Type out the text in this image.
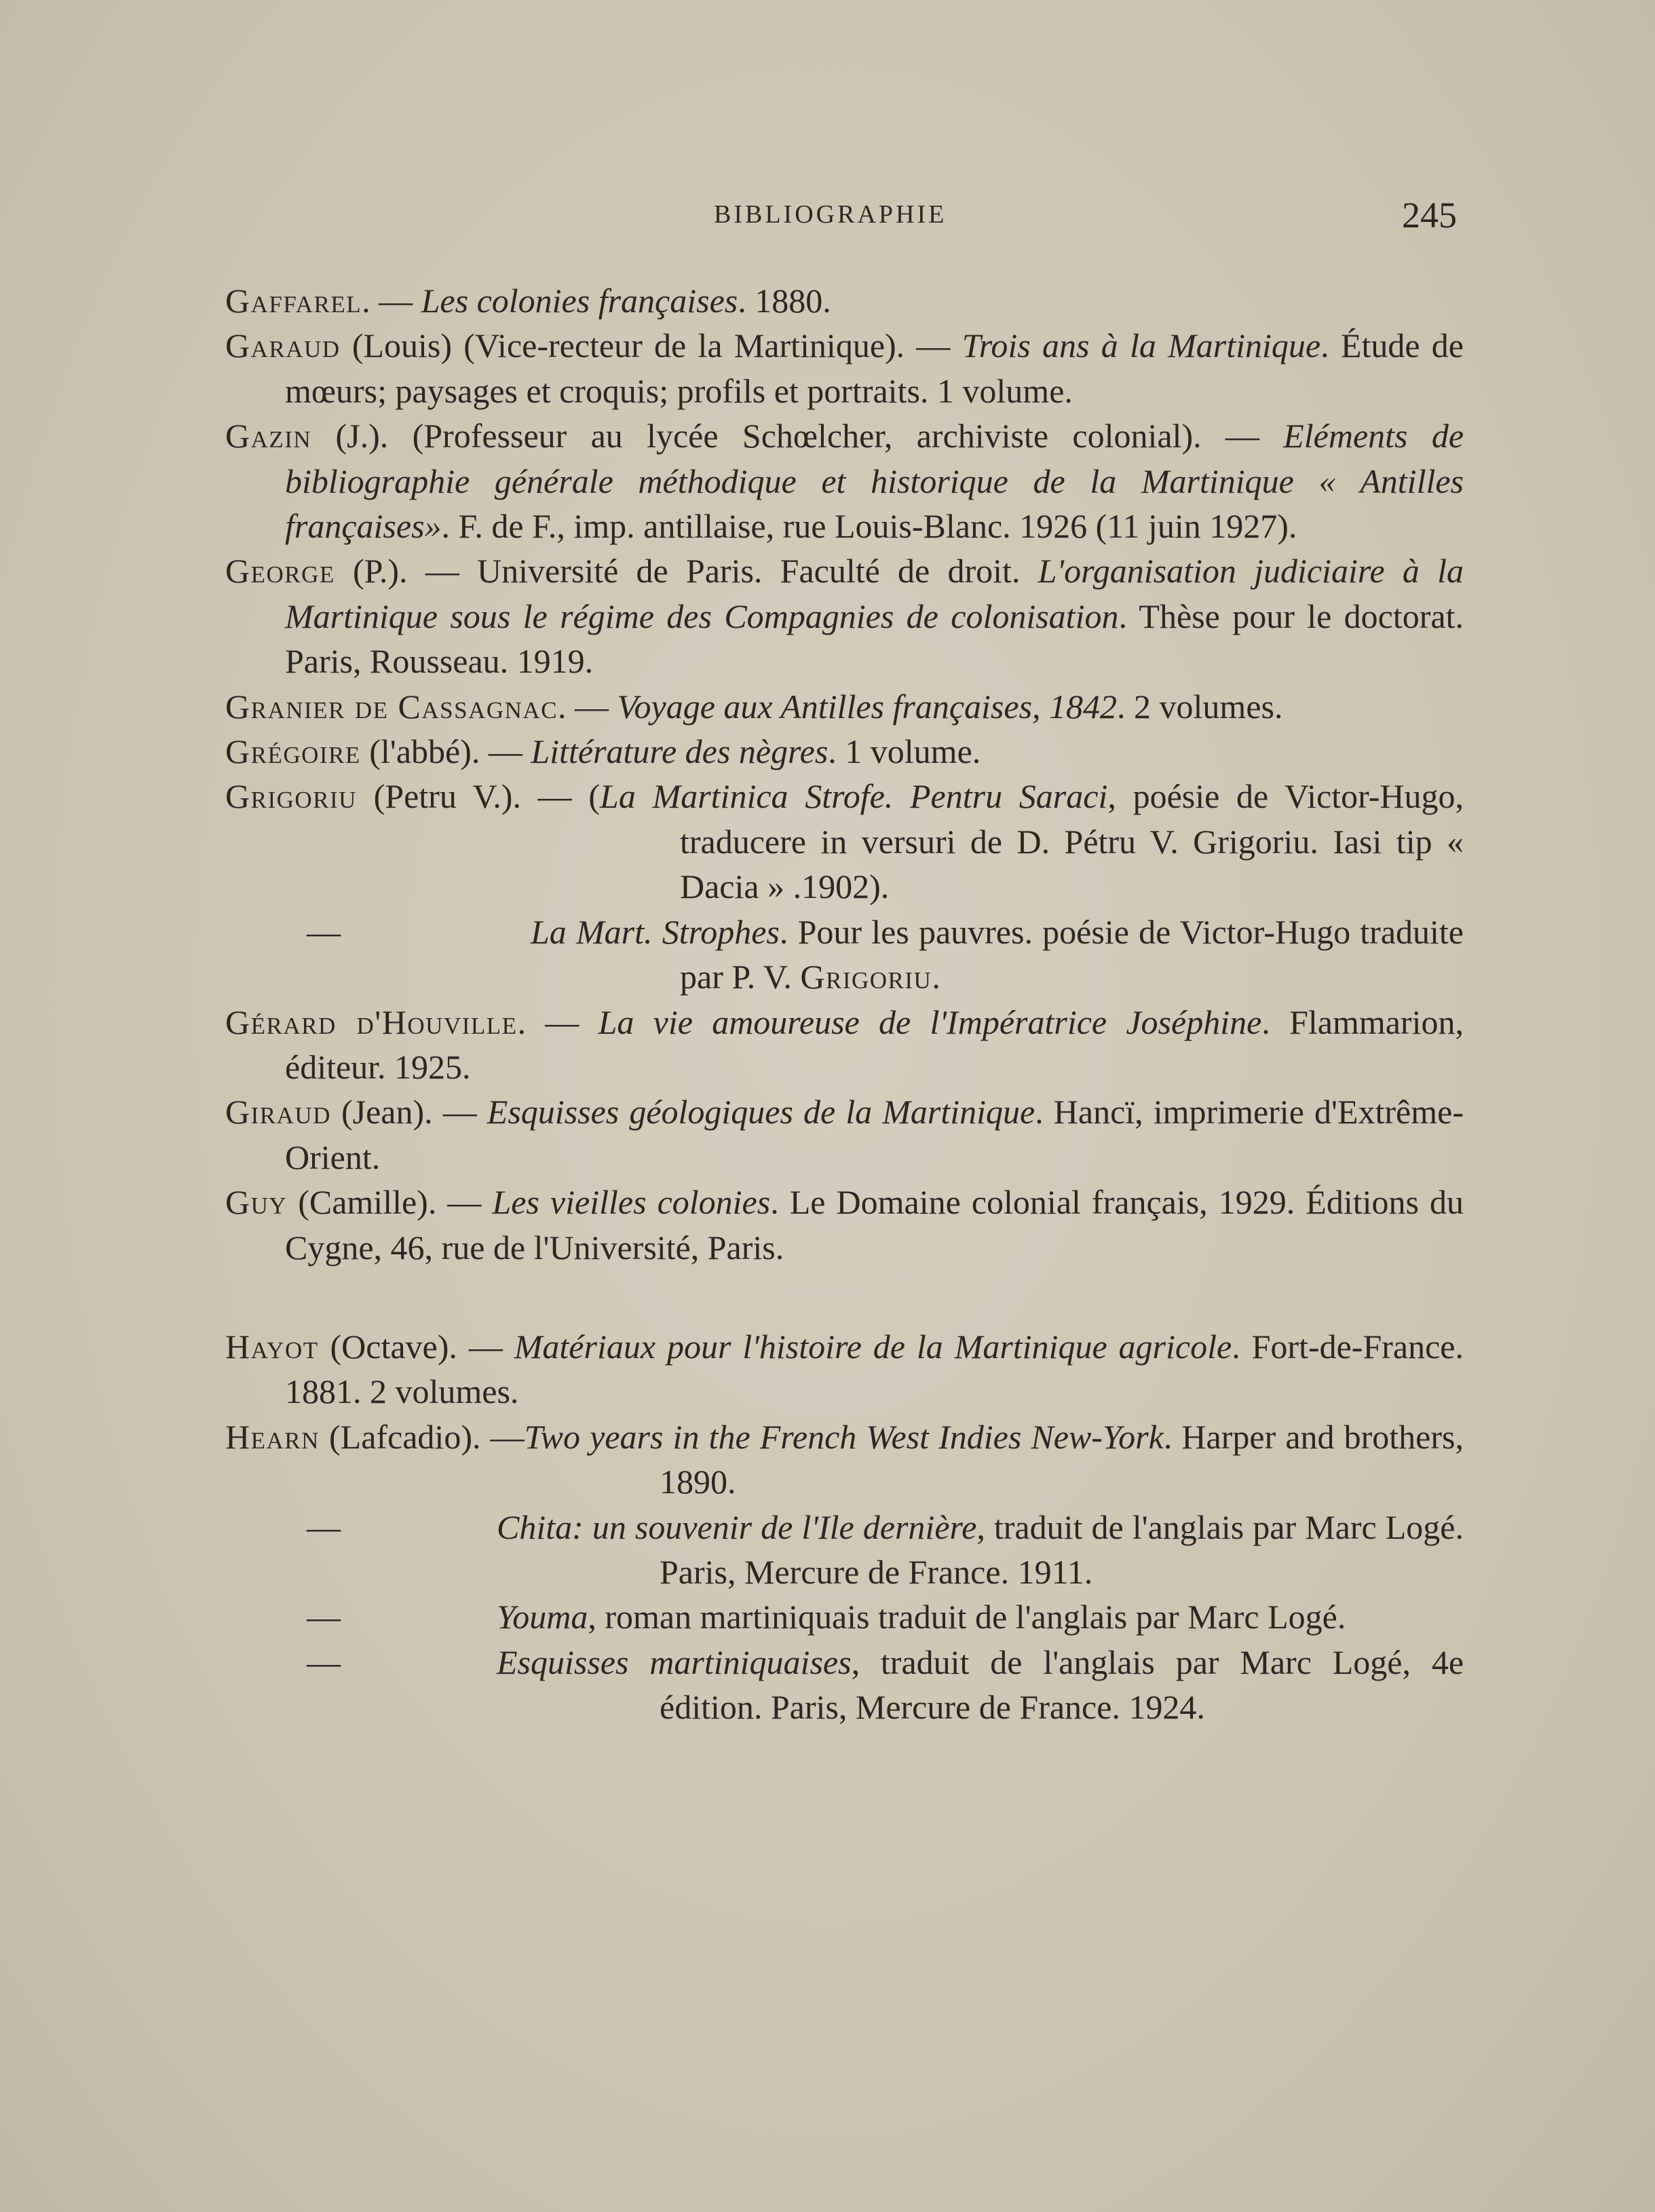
BIBLIOGRAPHIE	245
Gaffarel. — Les colonies françaises. 1880.
Garaud (Louis) (Vice-recteur de la Martinique). — Trois ans à la Martinique. Étude de mœurs; paysages et croquis; profils et portraits. 1 volume.
Gazin (J.). (Professeur au lycée Schœlcher, archiviste colonial). — Eléments de bibliographie générale méthodique et historique de la Martinique « Antilles françaises». F. de F., imp. antillaise, rue Louis-Blanc. 1926 (11 juin 1927).
George (P.). — Université de Paris. Faculté de droit. L'organisation judiciaire à la Martinique sous le régime des Compagnies de colonisation. Thèse pour le doctorat. Paris, Rousseau. 1919.
Granier de Cassagnac. — Voyage aux Antilles françaises, 1842. 2 volumes.
Grégoire (l'abbé). — Littérature des nègres. 1 volume.
Grigoriu (Petru V.). — (La Martinica Strofe. Pentru Saraci, poésie de Victor-Hugo, traducere in versuri de D. Pétru V. Grigoriu. Iasi tip « Dacia » .1902).
—	La Mart. Strophes. Pour les pauvres. poésie de Victor-Hugo traduite par P. V. Grigoriu.
Gérard d'Houville. — La vie amoureuse de l'Impératrice Joséphine. Flammarion, éditeur. 1925.
Giraud (Jean). — Esquisses géologiques de la Martinique. Hancï, imprimerie d'Extrême-Orient.
Guy (Camille). — Les vieilles colonies. Le Domaine colonial français, 1929. Éditions du Cygne, 46, rue de l'Université, Paris.
Hayot (Octave). — Matériaux pour l'histoire de la Martinique agricole. Fort-de-France. 1881. 2 volumes.
Hearn (Lafcadio). —Two years in the French West Indies New-York. Harper and brothers, 1890.
—	Chita: un souvenir de l'Ile dernière, traduit de l'anglais par Marc Logé. Paris, Mercure de France. 1911.
—	Youma, roman martiniquais traduit de l'anglais par Marc Logé.
—	Esquisses martiniquaises, traduit de l'anglais par Marc Logé, 4e édition. Paris, Mercure de France. 1924.
